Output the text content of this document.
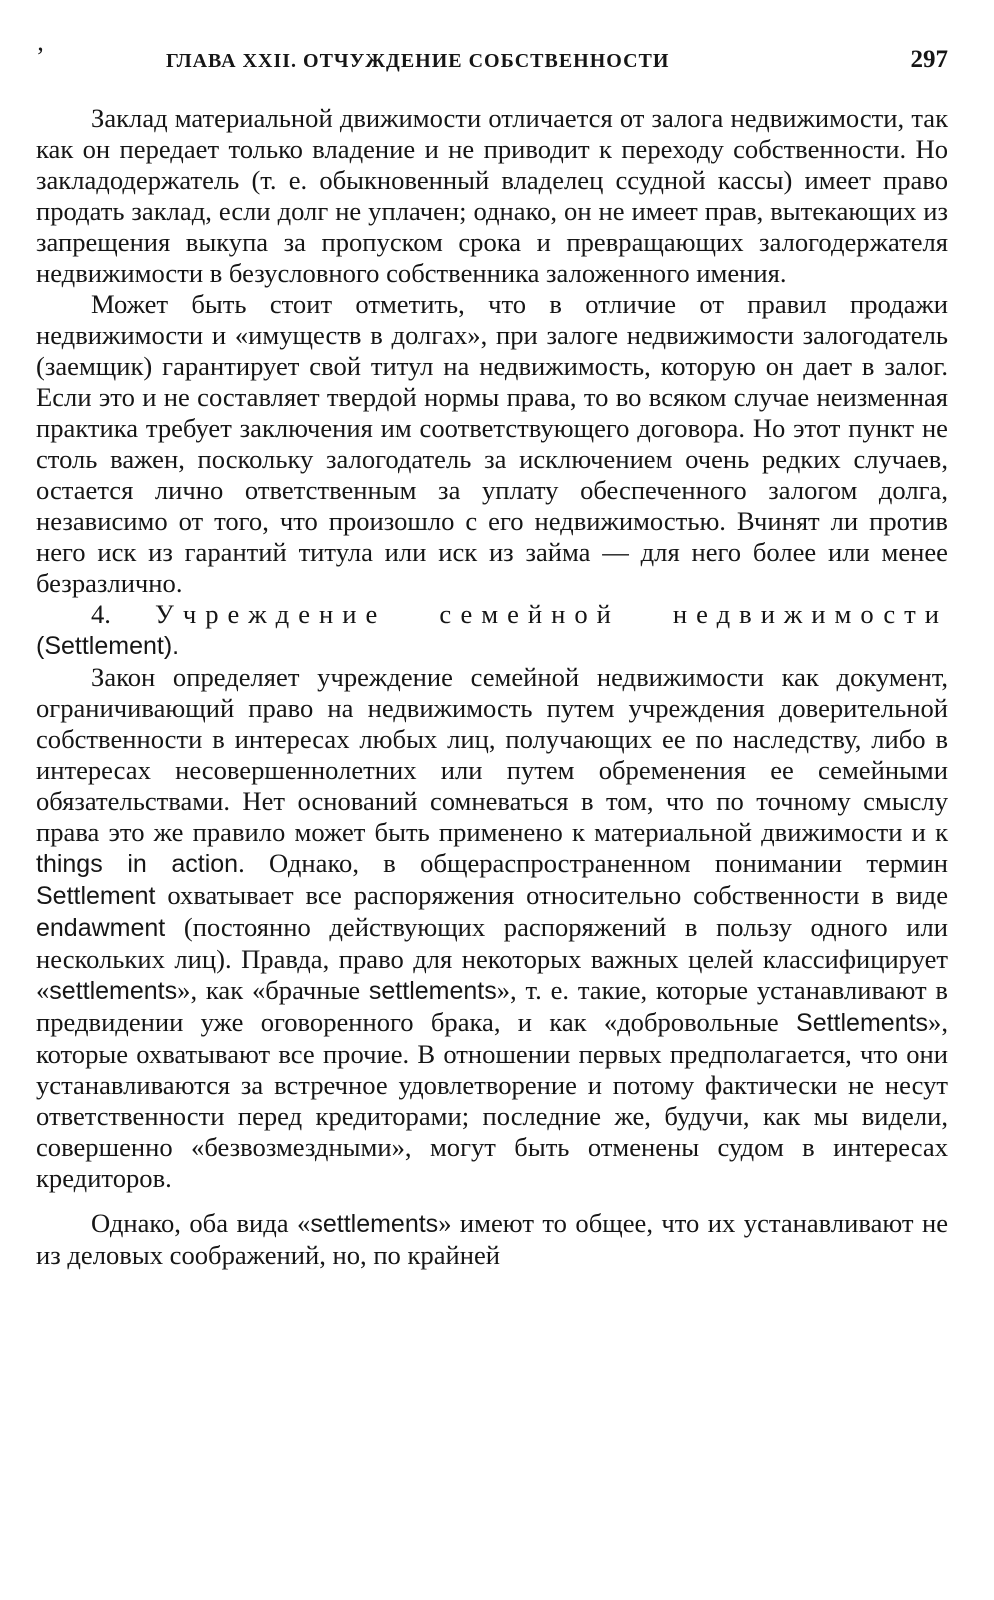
’	ГЛАВА XXII. ОТЧУЖДЕНИЕ СОБСТВЕННОСТИ	297

Заклад материальной движимости отличается от залога недвижимости, так как он передает только владение и не приводит к переходу собственности. Но закладодержатель (т. е. обыкновенный владелец ссудной кассы) имеет право продать заклад, если долг не уплачен; однако, он не имеет прав, вытекающих из запрещения выкупа за пропуском срока и превращающих залогодержателя недвижимости в безусловного собственника заложенного имения.

Может быть стоит отметить, что в отличие от правил продажи недвижимости и «имуществ в долгах», при залоге недвижимости залогодатель (заемщик) гарантирует свой титул на недвижимость, которую он дает в залог. Если это и не составляет твердой нормы права, то во всяком случае неизменная практика требует заключения им соответствующего договора. Но этот пункт не столь важен, поскольку залогодатель за исключением очень редких случаев, остается лично ответственным за уплату обеспеченного залогом долга, независимо от того, что произошло с его недвижимостью. Вчинят ли против него иск из гарантий титула или иск из займа — для него более или менее безразлично.

4. Учреждение семейной недвижимости (Settlement).

Закон определяет учреждение семейной недвижимости как документ, ограничивающий право на недвижимость путем учреждения доверительной собственности в интересах любых лиц, получающих ее по наследству, либо в интересах несовершеннолетних или путем обременения ее семейными обязательствами. Нет оснований сомневаться в том, что по точному смыслу права это же правило может быть применено к материальной движимости и к things in action. Однако, в общераспространенном понимании термин Settlement охватывает все распоряжения относительно собственности в виде endawment (постоянно действующих распоряжений в пользу одного или нескольких лиц). Правда, право для некоторых важных целей классифицирует «settlements», как «брачные settlements», т. е. такие, которые устанавливают в предвидении уже оговоренного брака, и как «добровольные Settlements», которые охватывают все прочие. В отношении первых предполагается, что они устанавливаются за встречное удовлетворение и потому фактически не несут ответственности перед кредиторами; последние же, будучи, как мы видели, совершенно «безвозмездными», могут быть отменены судом в интересах кредиторов.

Однако, оба вида «settlements» имеют то общее, что их устанавливают не из деловых соображений, но, по крайней
